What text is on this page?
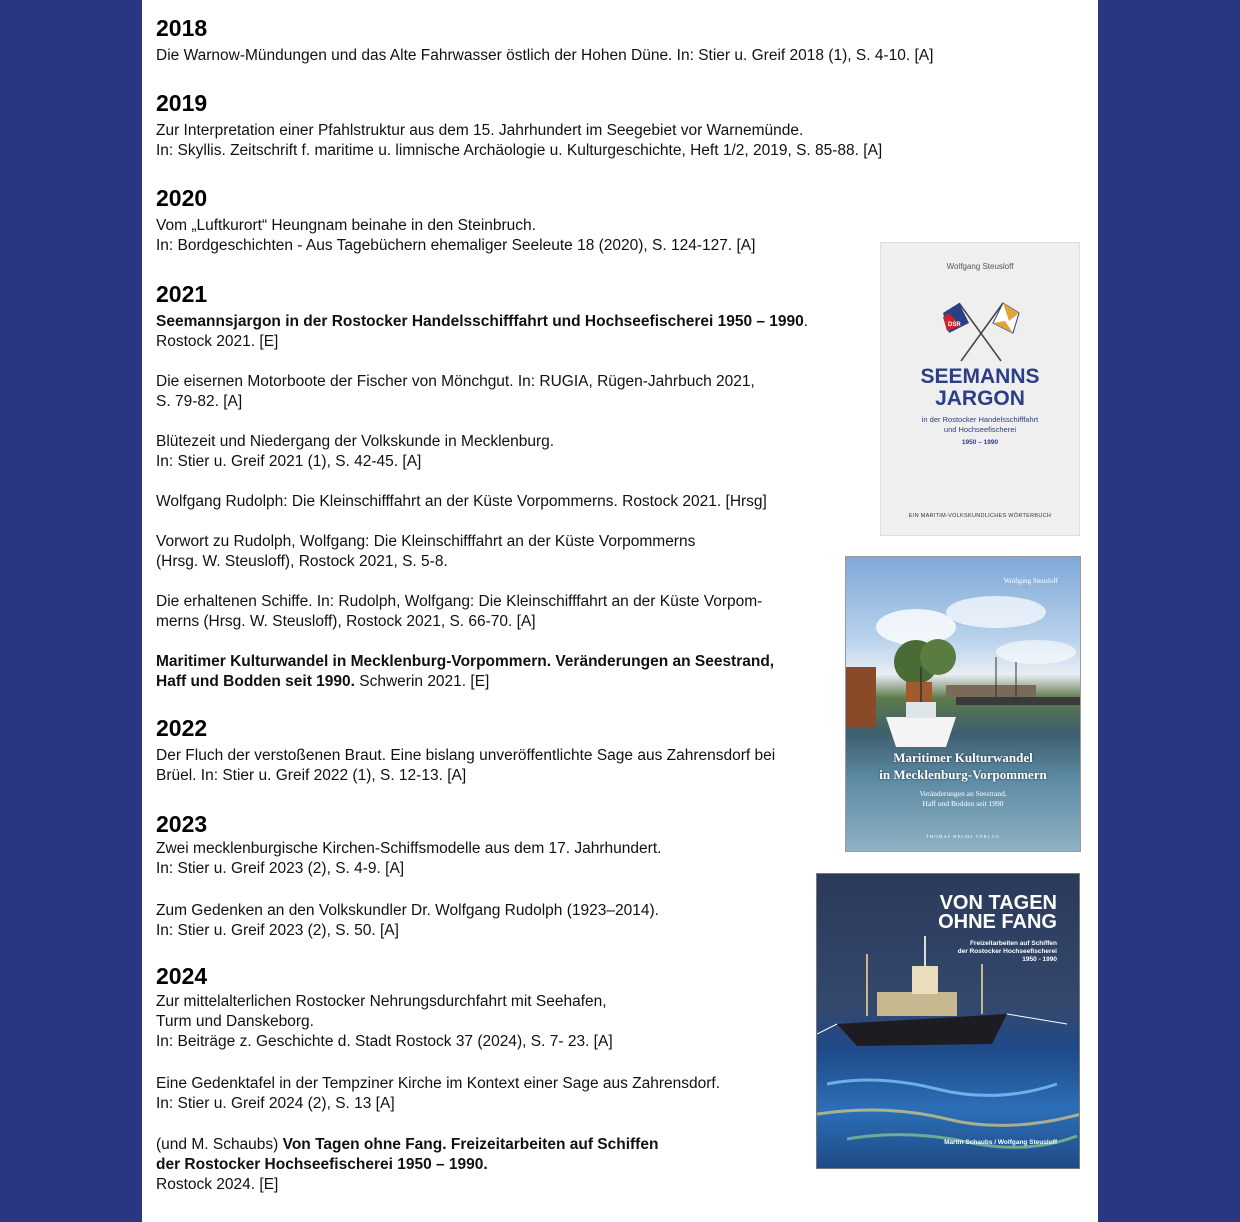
2018
Die Warnow-Mündungen und das Alte Fahrwasser östlich der Hohen Düne. In: Stier u. Greif 2018 (1), S. 4-10. [A]
2019
Zur Interpretation einer Pfahlstruktur aus dem 15. Jahrhundert im Seegebiet vor Warnemünde.
In: Skyllis. Zeitschrift f. maritime u. limnische Archäologie u. Kulturgeschichte, Heft 1/2, 2019, S. 85-88. [A]
2020
Vom „Luftkurort“ Heungnam beinahe in den Steinbruch.
In: Bordgeschichten - Aus Tagebüchern ehemaliger Seeleute 18 (2020), S. 124-127. [A]
2021
Seemannsjargon in der Rostocker Handelsschifffahrt und Hochseefischerei 1950 – 1990.
Rostock 2021. [E]
Die eisernen Motorboote der Fischer von Mönchgut. In: RUGIA, Rügen-Jahrbuch 2021,
S. 79-82. [A]
Blütezeit und Niedergang der Volkskunde in Mecklenburg.
In: Stier u. Greif 2021 (1), S. 42-45. [A]
Wolfgang Rudolph: Die Kleinschifffahrt an der Küste Vorpommerns. Rostock 2021. [Hrsg]
Vorwort zu Rudolph, Wolfgang: Die Kleinschifffahrt an der Küste Vorpommerns
(Hrsg. W. Steusloff), Rostock 2021, S. 5-8.
Die erhaltenen Schiffe. In: Rudolph, Wolfgang: Die Kleinschifffahrt an der Küste Vorpom-
merns (Hrsg. W. Steusloff), Rostock 2021, S. 66-70. [A]
Maritimer Kulturwandel in Mecklenburg-Vorpommern. Veränderungen an Seestrand,
Haff und Bodden seit 1990. Schwerin 2021. [E]
2022
Der Fluch der verstoßenen Braut. Eine bislang unveröffentlichte Sage aus Zahrensdorf bei
Brüel. In: Stier u. Greif 2022 (1), S. 12-13. [A]
2023
Zwei mecklenburgische Kirchen-Schiffsmodelle aus dem 17. Jahrhundert.
In: Stier u. Greif 2023 (2), S. 4-9. [A]
Zum Gedenken an den Volkskundler Dr. Wolfgang Rudolph (1923–2014).
In: Stier u. Greif 2023 (2), S. 50. [A]
2024
Zur mittelalterlichen Rostocker Nehrungsdurchfahrt mit Seehafen,
Turm und Danskeborg.
In: Beiträge z. Geschichte d. Stadt Rostock 37 (2024), S. 7- 23. [A]
Eine Gedenktafel in der Tempziner Kirche im Kontext einer Sage aus Zahrensdorf.
In: Stier u. Greif 2024 (2), S. 13 [A]
(und M. Schaubs) Von Tagen ohne Fang. Freizeitarbeiten auf Schiffen
der Rostocker Hochseefischerei 1950 – 1990.
Rostock 2024. [E]
Wolfgang Steusloff
DSR
SEEMANNS
JARGON
in der Rostocker Handelsschifffahrt
und Hochseefischerei
1950 – 1990
EIN MARITIM-VOLKSKUNDLICHES WÖRTERBUCH
Wolfgang Steusloff
Maritimer Kulturwandel
in Mecklenburg-Vorpommern
Veränderungen an Seestrand,
Haff und Bodden seit 1990
THOMAS HELMS VERLAG
VON TAGEN
OHNE FANG
Freizeitarbeiten auf Schiffen
der Rostocker Hochseefischerei
1950 - 1990
Martin Schaubs / Wolfgang Steusloff
